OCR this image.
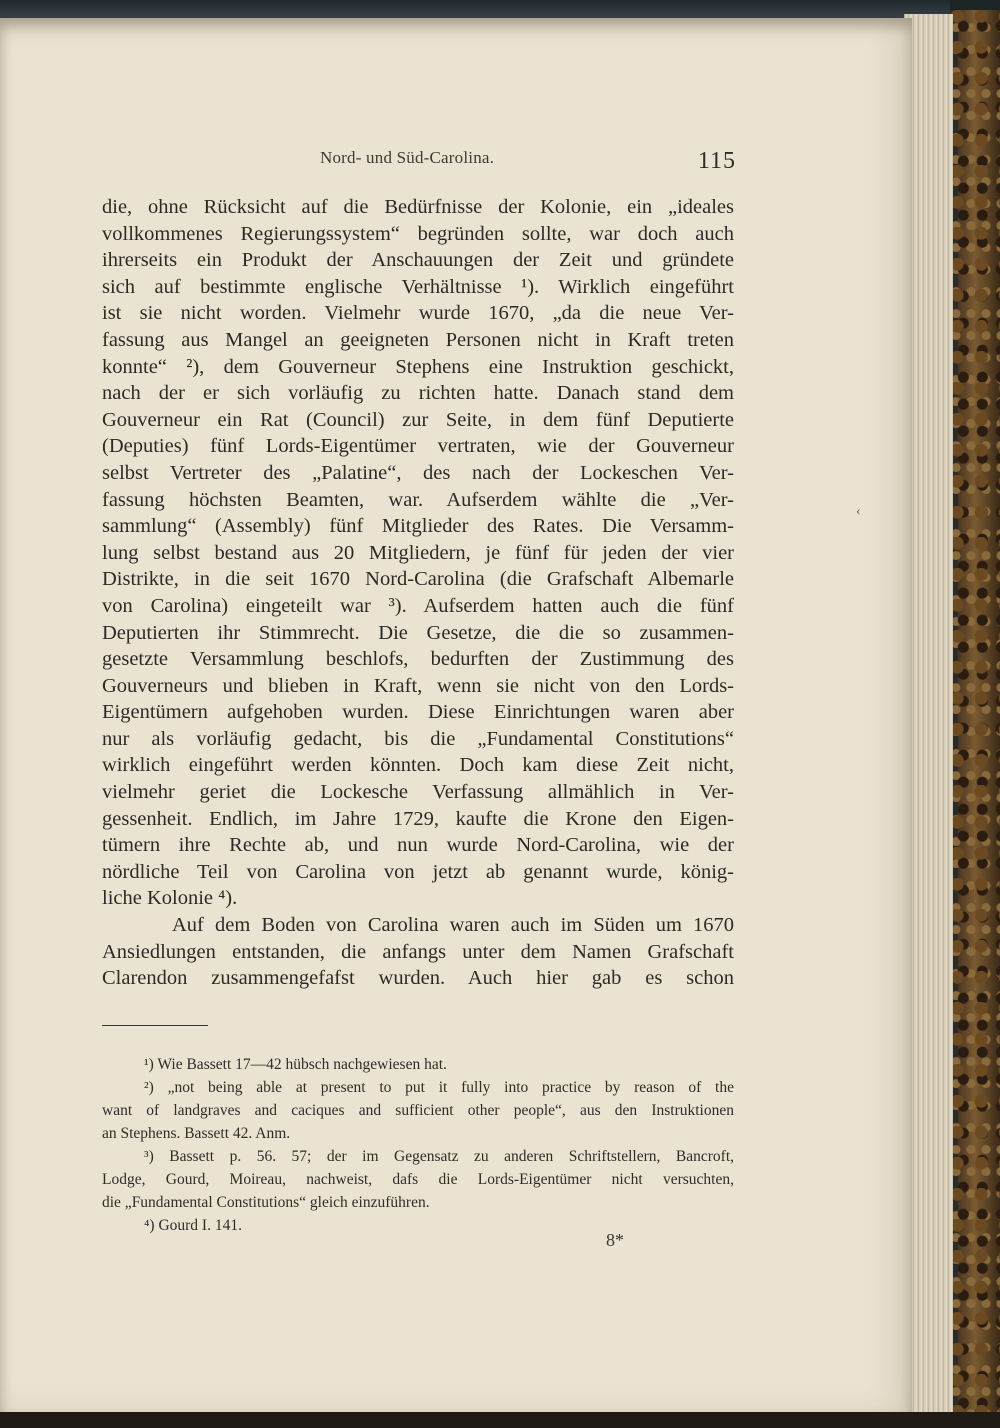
Nord- und Süd-Carolina.	115
die, ohne Rücksicht auf die Bedürfnisse der Kolonie, ein „ideales
vollkommenes Regierungssystem“ begründen sollte, war doch auch
ihrerseits ein Produkt der Anschauungen der Zeit und gründete
sich auf bestimmte englische Verhältnisse ¹). Wirklich eingeführt
ist sie nicht worden. Vielmehr wurde 1670, „da die neue Ver-
fassung aus Mangel an geeigneten Personen nicht in Kraft treten
konnte“ ²), dem Gouverneur Stephens eine Instruktion geschickt,
nach der er sich vorläufig zu richten hatte. Danach stand dem
Gouverneur ein Rat (Council) zur Seite, in dem fünf Deputierte
(Deputies) fünf Lords-Eigentümer vertraten, wie der Gouverneur
selbst Vertreter des „Palatine“, des nach der Lockeschen Ver-
fassung höchsten Beamten, war. Aufserdem wählte die „Ver-
sammlung“ (Assembly) fünf Mitglieder des Rates. Die Versamm-
lung selbst bestand aus 20 Mitgliedern, je fünf für jeden der vier
Distrikte, in die seit 1670 Nord-Carolina (die Grafschaft Albemarle
von Carolina) eingeteilt war ³). Aufserdem hatten auch die fünf
Deputierten ihr Stimmrecht. Die Gesetze, die die so zusammen-
gesetzte Versammlung beschlofs, bedurften der Zustimmung des
Gouverneurs und blieben in Kraft, wenn sie nicht von den Lords-
Eigentümern aufgehoben wurden. Diese Einrichtungen waren aber
nur als vorläufig gedacht, bis die „Fundamental Constitutions“
wirklich eingeführt werden könnten. Doch kam diese Zeit nicht,
vielmehr geriet die Lockesche Verfassung allmählich in Ver-
gessenheit. Endlich, im Jahre 1729, kaufte die Krone den Eigen-
tümern ihre Rechte ab, und nun wurde Nord-Carolina, wie der
nördliche Teil von Carolina von jetzt ab genannt wurde, könig-
liche Kolonie ⁴).
Auf dem Boden von Carolina waren auch im Süden um 1670
Ansiedlungen entstanden, die anfangs unter dem Namen Grafschaft
Clarendon zusammengefafst wurden. Auch hier gab es schon
¹) Wie Bassett 17—42 hübsch nachgewiesen hat.
²) „not being able at present to put it fully into practice by reason of the
want of landgraves and caciques and sufficient other people“, aus den Instruktionen
an Stephens. Bassett 42. Anm.
³) Bassett p. 56. 57; der im Gegensatz zu anderen Schriftstellern, Bancroft,
Lodge, Gourd, Moireau, nachweist, dafs die Lords-Eigentümer nicht versuchten,
die „Fundamental Constitutions“ gleich einzuführen.
⁴) Gourd I. 141.
8*
‹
